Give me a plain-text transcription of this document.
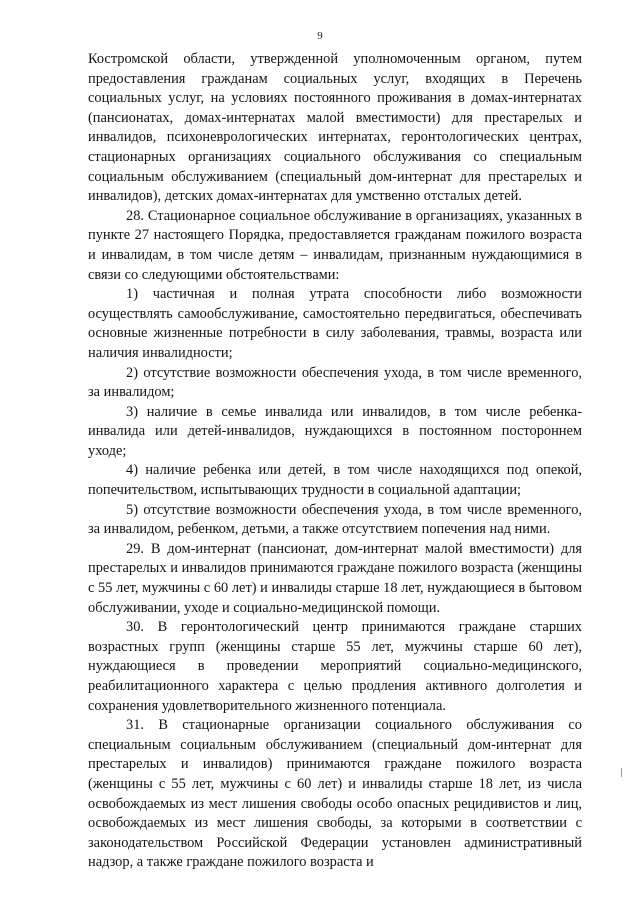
9

Костромской области, утвержденной уполномоченным органом, путем предоставления гражданам социальных услуг, входящих в Перечень социальных услуг, на условиях постоянного проживания в домах-интернатах (пансионатах, домах-интернатах малой вместимости) для престарелых и инвалидов, психоневрологических интернатах, геронтологических центрах, стационарных организациях социального обслуживания со специальным социальным обслуживанием (специальный дом-интернат для престарелых и инвалидов), детских домах-интернатах для умственно отсталых детей.

28. Стационарное социальное обслуживание в организациях, указанных в пункте 27 настоящего Порядка, предоставляется гражданам пожилого возраста и инвалидам, в том числе детям – инвалидам, признанным нуждающимися в связи со следующими обстоятельствами:

1) частичная и полная утрата способности либо возможности осуществлять самообслуживание, самостоятельно передвигаться, обеспечивать основные жизненные потребности в силу заболевания, травмы, возраста или наличия инвалидности;

2) отсутствие возможности обеспечения ухода, в том числе временного, за инвалидом;

3) наличие в семье инвалида или инвалидов, в том числе ребенка-инвалида или детей-инвалидов, нуждающихся в постоянном постороннем уходе;

4) наличие ребенка или детей, в том числе находящихся под опекой, попечительством, испытывающих трудности в социальной адаптации;

5) отсутствие возможности обеспечения ухода, в том числе временного, за инвалидом, ребенком, детьми, а также отсутствием попечения над ними.

29. В дом-интернат (пансионат, дом-интернат малой вместимости) для престарелых и инвалидов принимаются граждане пожилого возраста (женщины с 55 лет, мужчины с 60 лет) и инвалиды старше 18 лет, нуждающиеся в бытовом обслуживании, уходе и социально-медицинской помощи.

30. В геронтологический центр принимаются граждане старших возрастных групп (женщины старше 55 лет, мужчины старше 60 лет), нуждающиеся в проведении мероприятий социально-медицинского, реабилитационного характера с целью продления активного долголетия и сохранения удовлетворительного жизненного потенциала.

31. В стационарные организации социального обслуживания со специальным социальным обслуживанием (специальный дом-интернат для престарелых и инвалидов) принимаются граждане пожилого возраста (женщины с 55 лет, мужчины с 60 лет) и инвалиды старше 18 лет, из числа освобождаемых из мест лишения свободы особо опасных рецидивистов и лиц, освобождаемых из мест лишения свободы, за которыми в соответствии с законодательством Российской Федерации установлен административный надзор, а также граждане пожилого возраста и
